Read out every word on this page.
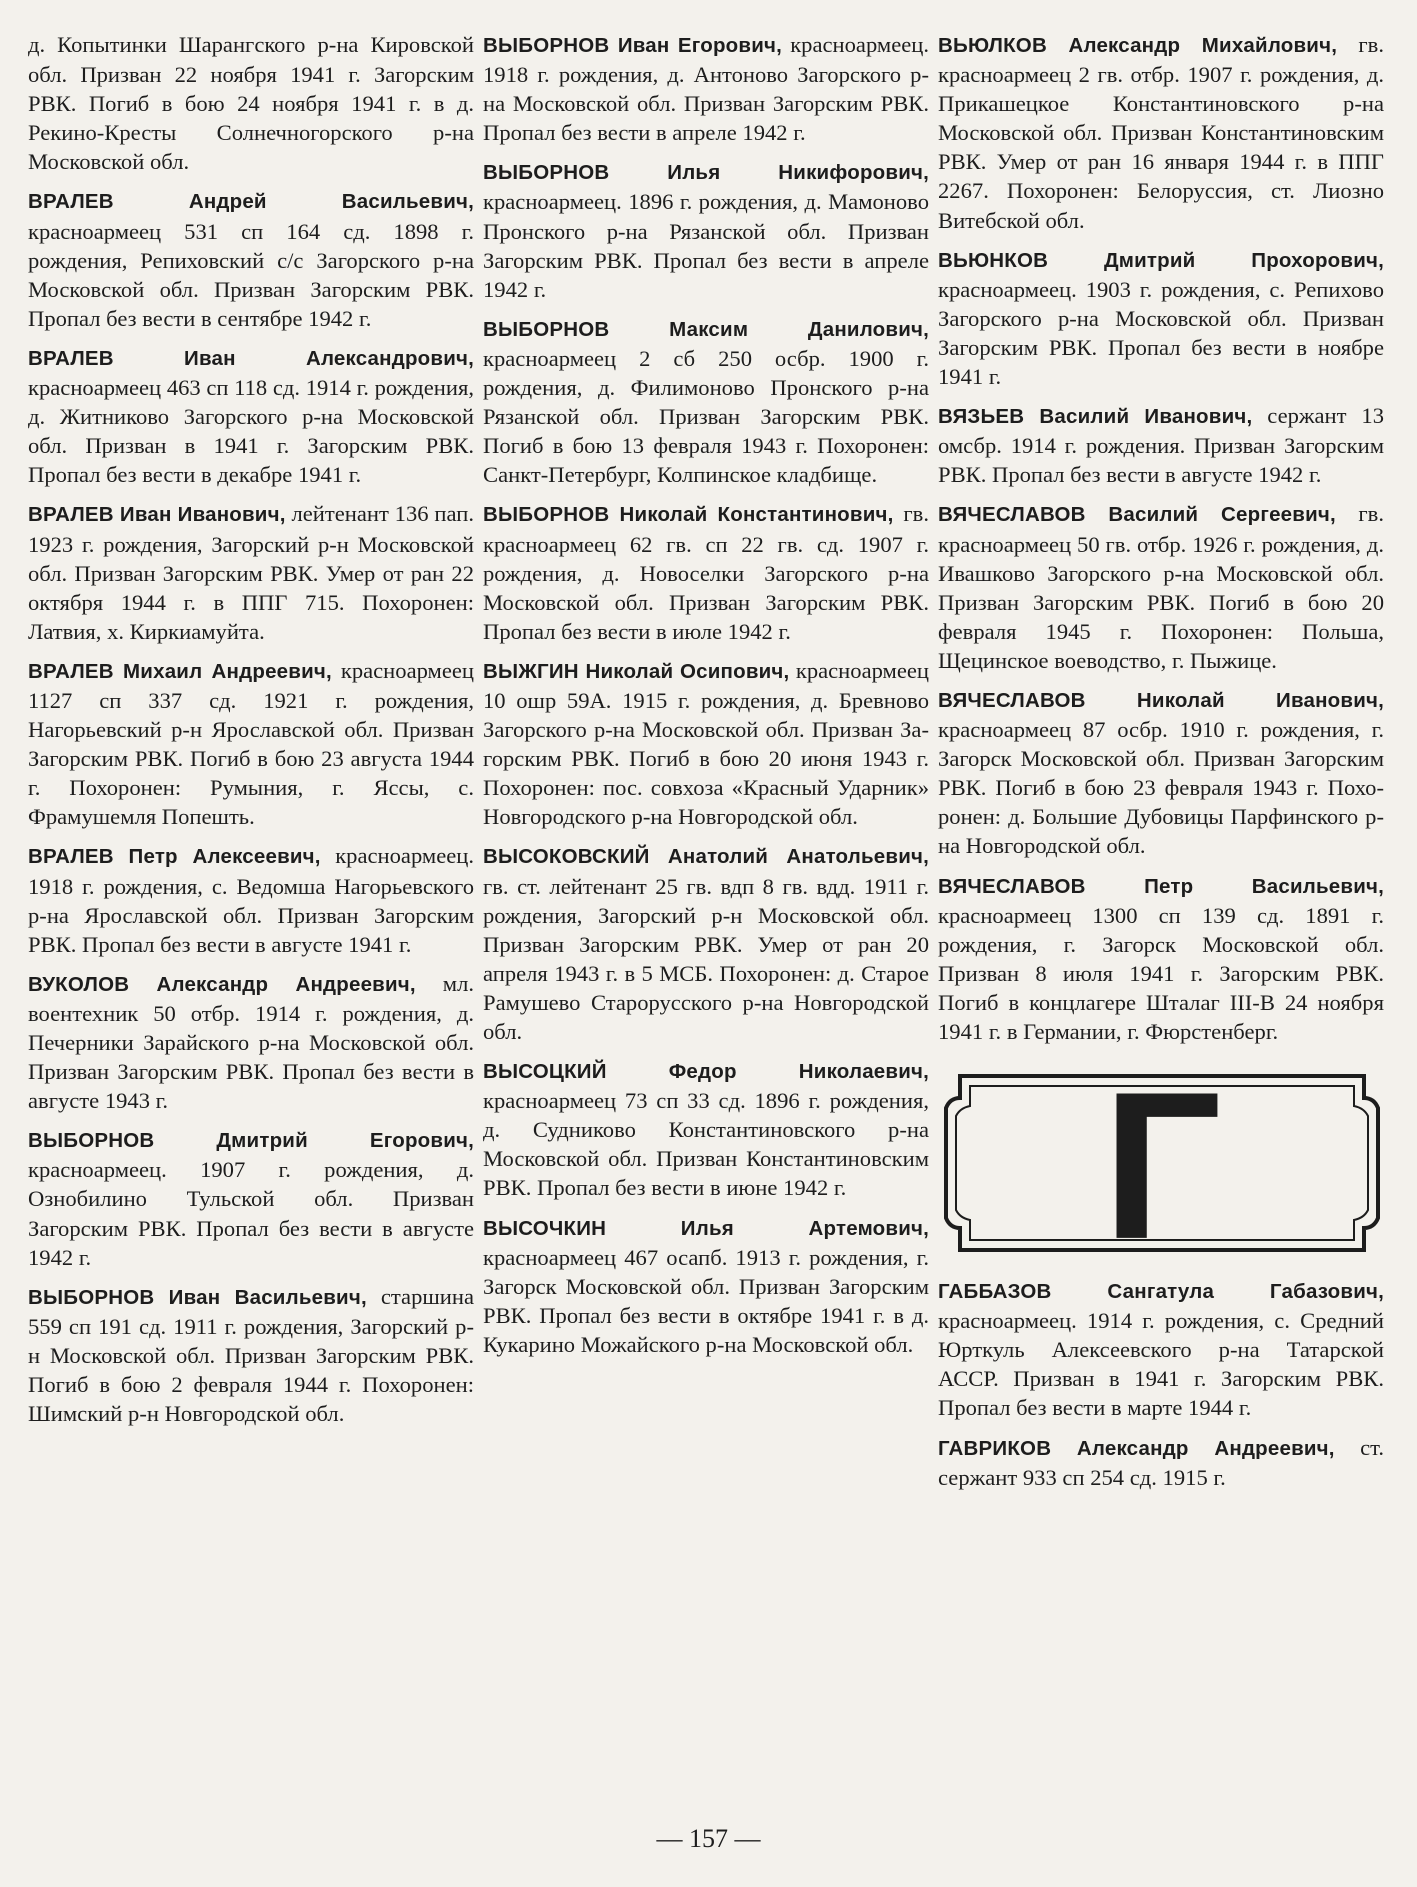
д. Копытинки Шарангского р-на Кировской обл. Призван 22 ноября 1941 г. Загорским РВК. Погиб в бою 24 ноября 1941 г. в д. Рекино-Кресты Солнечногорского р-на Московской обл.

ВРАЛЕВ Андрей Васильевич, красноармеец 531 сп 164 сд. 1898 г. рождения, Репиховский с/с Загорского р-на Московской обл. Призван Загорским РВК. Пропал без вести в сентябре 1942 г.

ВРАЛЕВ Иван Александрович, красноармеец 463 сп 118 сд. 1914 г. рождения, д. Житниково Загорского р-на Московской обл. Призван в 1941 г. Загорским РВК. Пропал без вести в декабре 1941 г.

ВРАЛЕВ Иван Иванович, лейтенант 136 пап. 1923 г. рождения, Загорский р-н Московской обл. Призван Загорским РВК. Умер от ран 22 октября 1944 г. в ППГ 715. Похоронен: Латвия, х. Киркиамуйта.

ВРАЛЕВ Михаил Андреевич, красноармеец 1127 сп 337 сд. 1921 г. рождения, Нагорьевский р-н Ярославской обл. Призван Загорским РВК. Погиб в бою 23 августа 1944 г. Похоронен: Румыния, г. Яссы, с. Фрамушемля Попешть.

ВРАЛЕВ Петр Алексеевич, красноармеец. 1918 г. рождения, с. Ведомша Нагорьевского р-на Ярославской обл. Призван Загорским РВК. Пропал без вести в августе 1941 г.

ВУКОЛОВ Александр Андреевич, мл. воентехник 50 отбр. 1914 г. рождения, д. Печерники Зарайского р-на Московской обл. Призван Загорским РВК. Пропал без вести в августе 1943 г.

ВЫБОРНОВ Дмитрий Егорович, красноармеец. 1907 г. рождения, д. Ознобилино Тульской обл. Призван Загорским РВК. Пропал без вести в августе 1942 г.

ВЫБОРНОВ Иван Васильевич, старшина 559 сп 191 сд. 1911 г. рождения, Загорский р-н Московской обл. Призван Загорским РВК. Погиб в бою 2 февраля 1944 г. Похоронен: Шимский р-н Новгородской обл.

ВЫБОРНОВ Иван Егорович, красноармеец. 1918 г. рождения, д. Антоново Загорского р-на Московской обл. Призван Загорским РВК. Пропал без вести в апреле 1942 г.

ВЫБОРНОВ Илья Никифорович, красноармеец. 1896 г. рождения, д. Мамоново Пронского р-на Рязанской обл. Призван Загорским РВК. Пропал без вести в апреле 1942 г.

ВЫБОРНОВ Максим Данилович, красноармеец 2 сб 250 осбр. 1900 г. рождения, д. Филимоново Пронского р-на Рязанской обл. Призван Загорским РВК. Погиб в бою 13 февраля 1943 г. Похоронен: Санкт-Петербург, Колпинское кладбище.

ВЫБОРНОВ Николай Константинович, гв. красноармеец 62 гв. сп 22 гв. сд. 1907 г. рождения, д. Новоселки Загорского р-на Московской обл. Призван Загорским РВК. Пропал без вести в июле 1942 г.

ВЫЖГИН Николай Осипович, красноармеец 10 ошр 59А. 1915 г. рождения, д. Бревново Загорского р-на Московской обл. Призван Загорским РВК. Погиб в бою 20 июня 1943 г. Похоронен: пос. совхоза «Красный Ударник» Новгородского р-на Новгородской обл.

ВЫСОКОВСКИЙ Анатолий Анатольевич, гв. ст. лейтенант 25 гв. вдп 8 гв. вдд. 1911 г. рождения, Загорский р-н Московской обл. Призван Загорским РВК. Умер от ран 20 апреля 1943 г. в 5 МСБ. Похоронен: д. Старое Рамушево Старорусского р-на Новгородской обл.

ВЫСОЦКИЙ Федор Николаевич, красноармеец 73 сп 33 сд. 1896 г. рождения, д. Судниково Константиновского р-на Московской обл. Призван Константиновским РВК. Пропал без вести в июне 1942 г.

ВЫСОЧКИН Илья Артемович, красноармеец 467 осапб. 1913 г. рождения, г. Загорск Московской обл. Призван Загорским РВК. Пропал без вести в октябре 1941 г. в д. Кукарино Можайского р-на Московской обл.

ВЬЮЛКОВ Александр Михайлович, гв. красноармеец 2 гв. отбр. 1907 г. рождения, д. Прикашецкое Константиновского р-на Московской обл. Призван Константиновским РВК. Умер от ран 16 января 1944 г. в ППГ 2267. Похоронен: Белоруссия, ст. Лиозно Витебской обл.

ВЬЮНКОВ Дмитрий Прохорович, красноармеец. 1903 г. рождения, с. Репихово Загорского р-на Московской обл. Призван Загорским РВК. Пропал без вести в ноябре 1941 г.

ВЯЗЬЕВ Василий Иванович, сержант 13 омсбр. 1914 г. рождения. Призван Загорским РВК. Пропал без вести в августе 1942 г.

ВЯЧЕСЛАВОВ Василий Сергеевич, гв. красноармеец 50 гв. отбр. 1926 г. рождения, д. Ивашково Загорского р-на Московской обл. Призван Загорским РВК. Погиб в бою 20 февраля 1945 г. Похоронен: Польша, Щецинское воеводство, г. Пыжице.

ВЯЧЕСЛАВОВ Николай Иванович, красноармеец 87 осбр. 1910 г. рождения, г. Загорск Московской обл. Призван Загорским РВК. Погиб в бою 23 февраля 1943 г. Похоронен: д. Большие Дубовицы Парфинского р-на Новгородской обл.

ВЯЧЕСЛАВОВ Петр Васильевич, красноармеец 1300 сп 139 сд. 1891 г. рождения, г. Загорск Московской обл. Призван 8 июля 1941 г. Загорским РВК. Погиб в концлагере Шталаг III-B 24 ноября 1941 г. в Германии, г. Фюрстенберг.

Г

ГАББАЗОВ Сангатула Габазович, красноармеец. 1914 г. рождения, с. Средний Юрткуль Алексеевского р-на Татарской АССР. Призван в 1941 г. Загорским РВК. Пропал без вести в марте 1944 г.

ГАВРИКОВ Александр Андреевич, ст. сержант 933 сп 254 сд. 1915 г.

— 157 —
